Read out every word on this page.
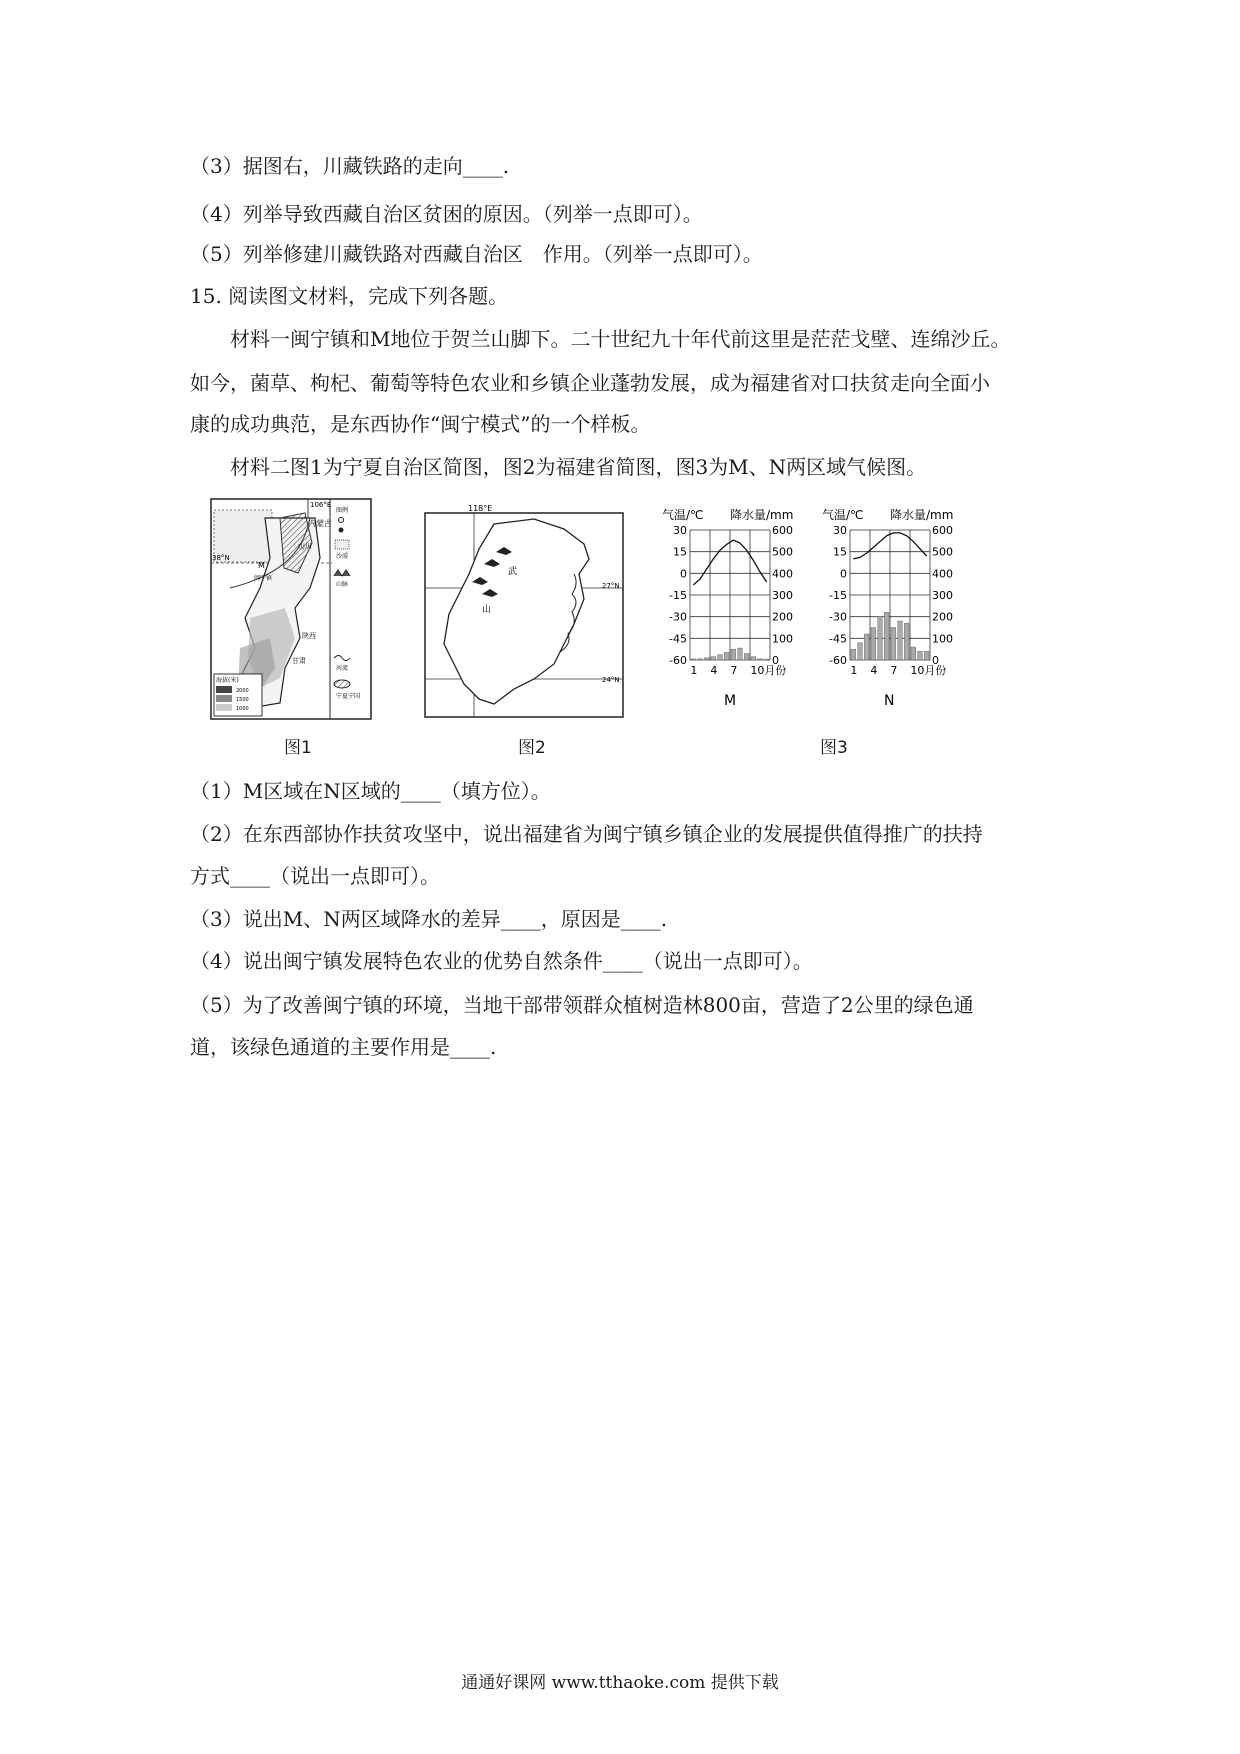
（3）据图右，川藏铁路的走向____.
（4）列举导致西藏自治区贫困的原因。（列举一点即可）。
（5）列举修建川藏铁路对西藏自治区　作用。（列举一点即可）。
15. 阅读图文材料，完成下列各题。
材料一闽宁镇和M地位于贺兰山脚下。二十世纪九十年代前这里是茫茫戈壁、连绵沙丘。
如今，菌草、枸杞、葡萄等特色农业和乡镇企业蓬勃发展，成为福建省对口扶贫走向全面小
康的成功典范，是东西协作“闽宁模式”的一个样板。
材料二图1为宁夏自治区简图，图2为福建省简图，图3为M、N两区域气候图。
106°E
38°N
内蒙古
山川
M
闽宁镇
陕西
甘肃
图例
沙漠
山脉
河流
宁夏宁国
海拔(米)
2000
1500
1000
图1
118°E
27°N
24°N
武
山
图2
气温/℃ 降水量/mm
30
15
0
-15
-30
-45
-60
600
500
400
300
200
100
0
1 4 7 10月份
M
气温/℃ 降水量/mm
30
15
0
-15
-30
-45
-60
600
500
400
300
200
100
0
1 4 7 10月份
N
图3
（1）M区域在N区域的____（填方位）。
（2）在东西部协作扶贫攻坚中，说出福建省为闽宁镇乡镇企业的发展提供值得推广的扶持
方式____（说出一点即可）。
（3）说出M、N两区域降水的差异____，原因是____.
（4）说出闽宁镇发展特色农业的优势自然条件____（说出一点即可）。
（5）为了改善闽宁镇的环境，当地干部带领群众植树造林800亩，营造了2公里的绿色通
道，该绿色通道的主要作用是____.
通通好课网 www.tthaoke.com 提供下载
